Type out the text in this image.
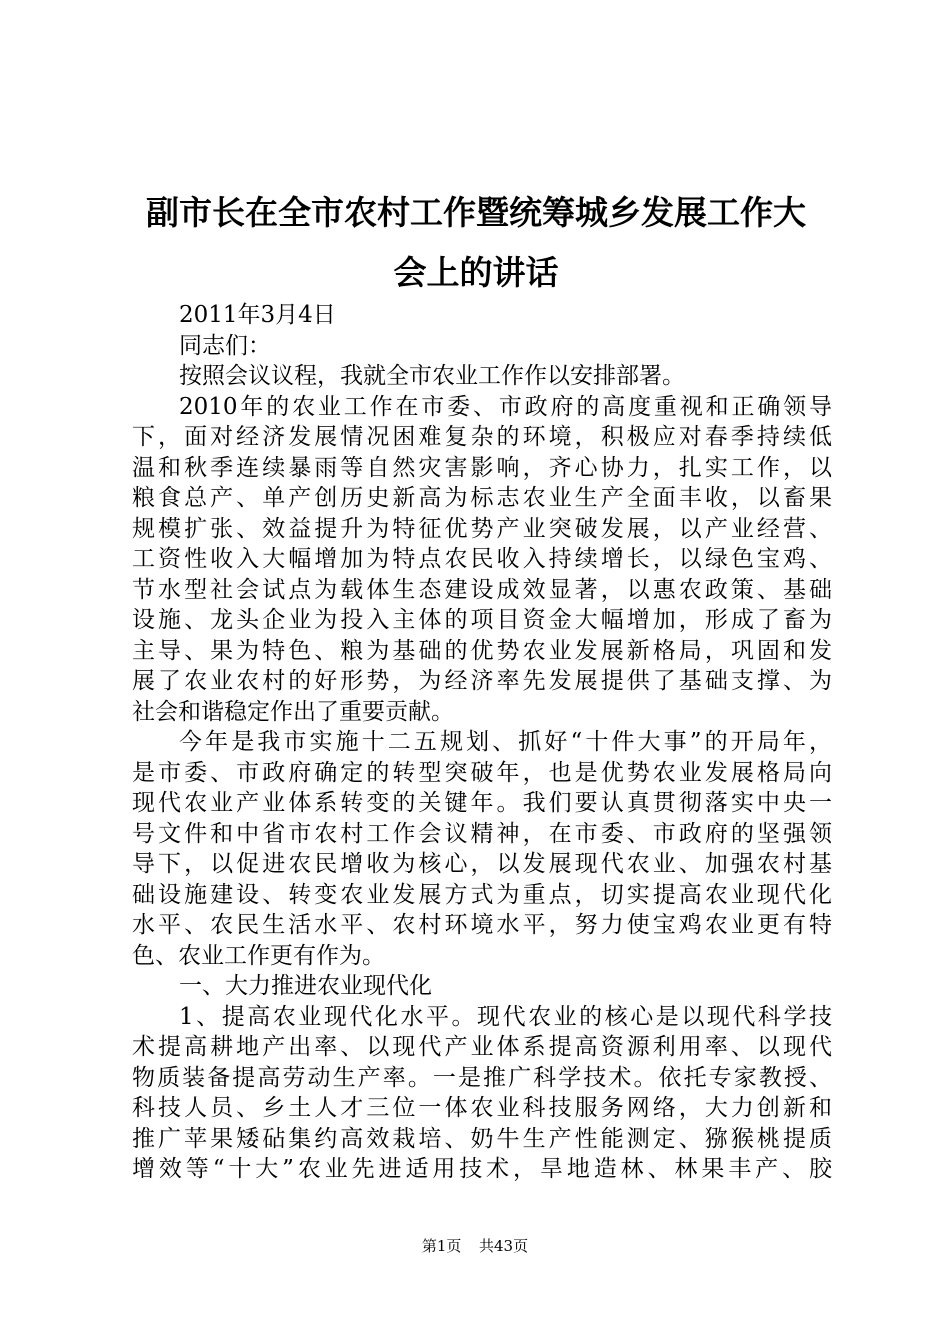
副市长在全市农村工作暨统筹城乡发展工作大
会上的讲话
2011年3月4日
同志们：
按照会议议程，我就全市农业工作作以安排部署。
2010年的农业工作在市委、市政府的高度重视和正确领导
下，面对经济发展情况困难复杂的环境，积极应对春季持续低
温和秋季连续暴雨等自然灾害影响，齐心协力，扎实工作，以
粮食总产、单产创历史新高为标志农业生产全面丰收，以畜果
规模扩张、效益提升为特征优势产业突破发展，以产业经营、
工资性收入大幅增加为特点农民收入持续增长，以绿色宝鸡、
节水型社会试点为载体生态建设成效显著，以惠农政策、基础
设施、龙头企业为投入主体的项目资金大幅增加，形成了畜为
主导、果为特色、粮为基础的优势农业发展新格局，巩固和发
展了农业农村的好形势，为经济率先发展提供了基础支撑、为
社会和谐稳定作出了重要贡献。
今年是我市实施十二五规划、抓好“十件大事”的开局年，
是市委、市政府确定的转型突破年，也是优势农业发展格局向
现代农业产业体系转变的关键年。我们要认真贯彻落实中央一
号文件和中省市农村工作会议精神，在市委、市政府的坚强领
导下，以促进农民增收为核心，以发展现代农业、加强农村基
础设施建设、转变农业发展方式为重点，切实提高农业现代化
水平、农民生活水平、农村环境水平，努力使宝鸡农业更有特
色、农业工作更有作为。
一、大力推进农业现代化
1、提高农业现代化水平。现代农业的核心是以现代科学技
术提高耕地产出率、以现代产业体系提高资源利用率、以现代
物质装备提高劳动生产率。一是推广科学技术。依托专家教授、
科技人员、乡土人才三位一体农业科技服务网络，大力创新和
推广苹果矮砧集约高效栽培、奶牛生产性能测定、猕猴桃提质
增效等“十大”农业先进适用技术，旱地造林、林果丰产、胶
第1页 共43页
